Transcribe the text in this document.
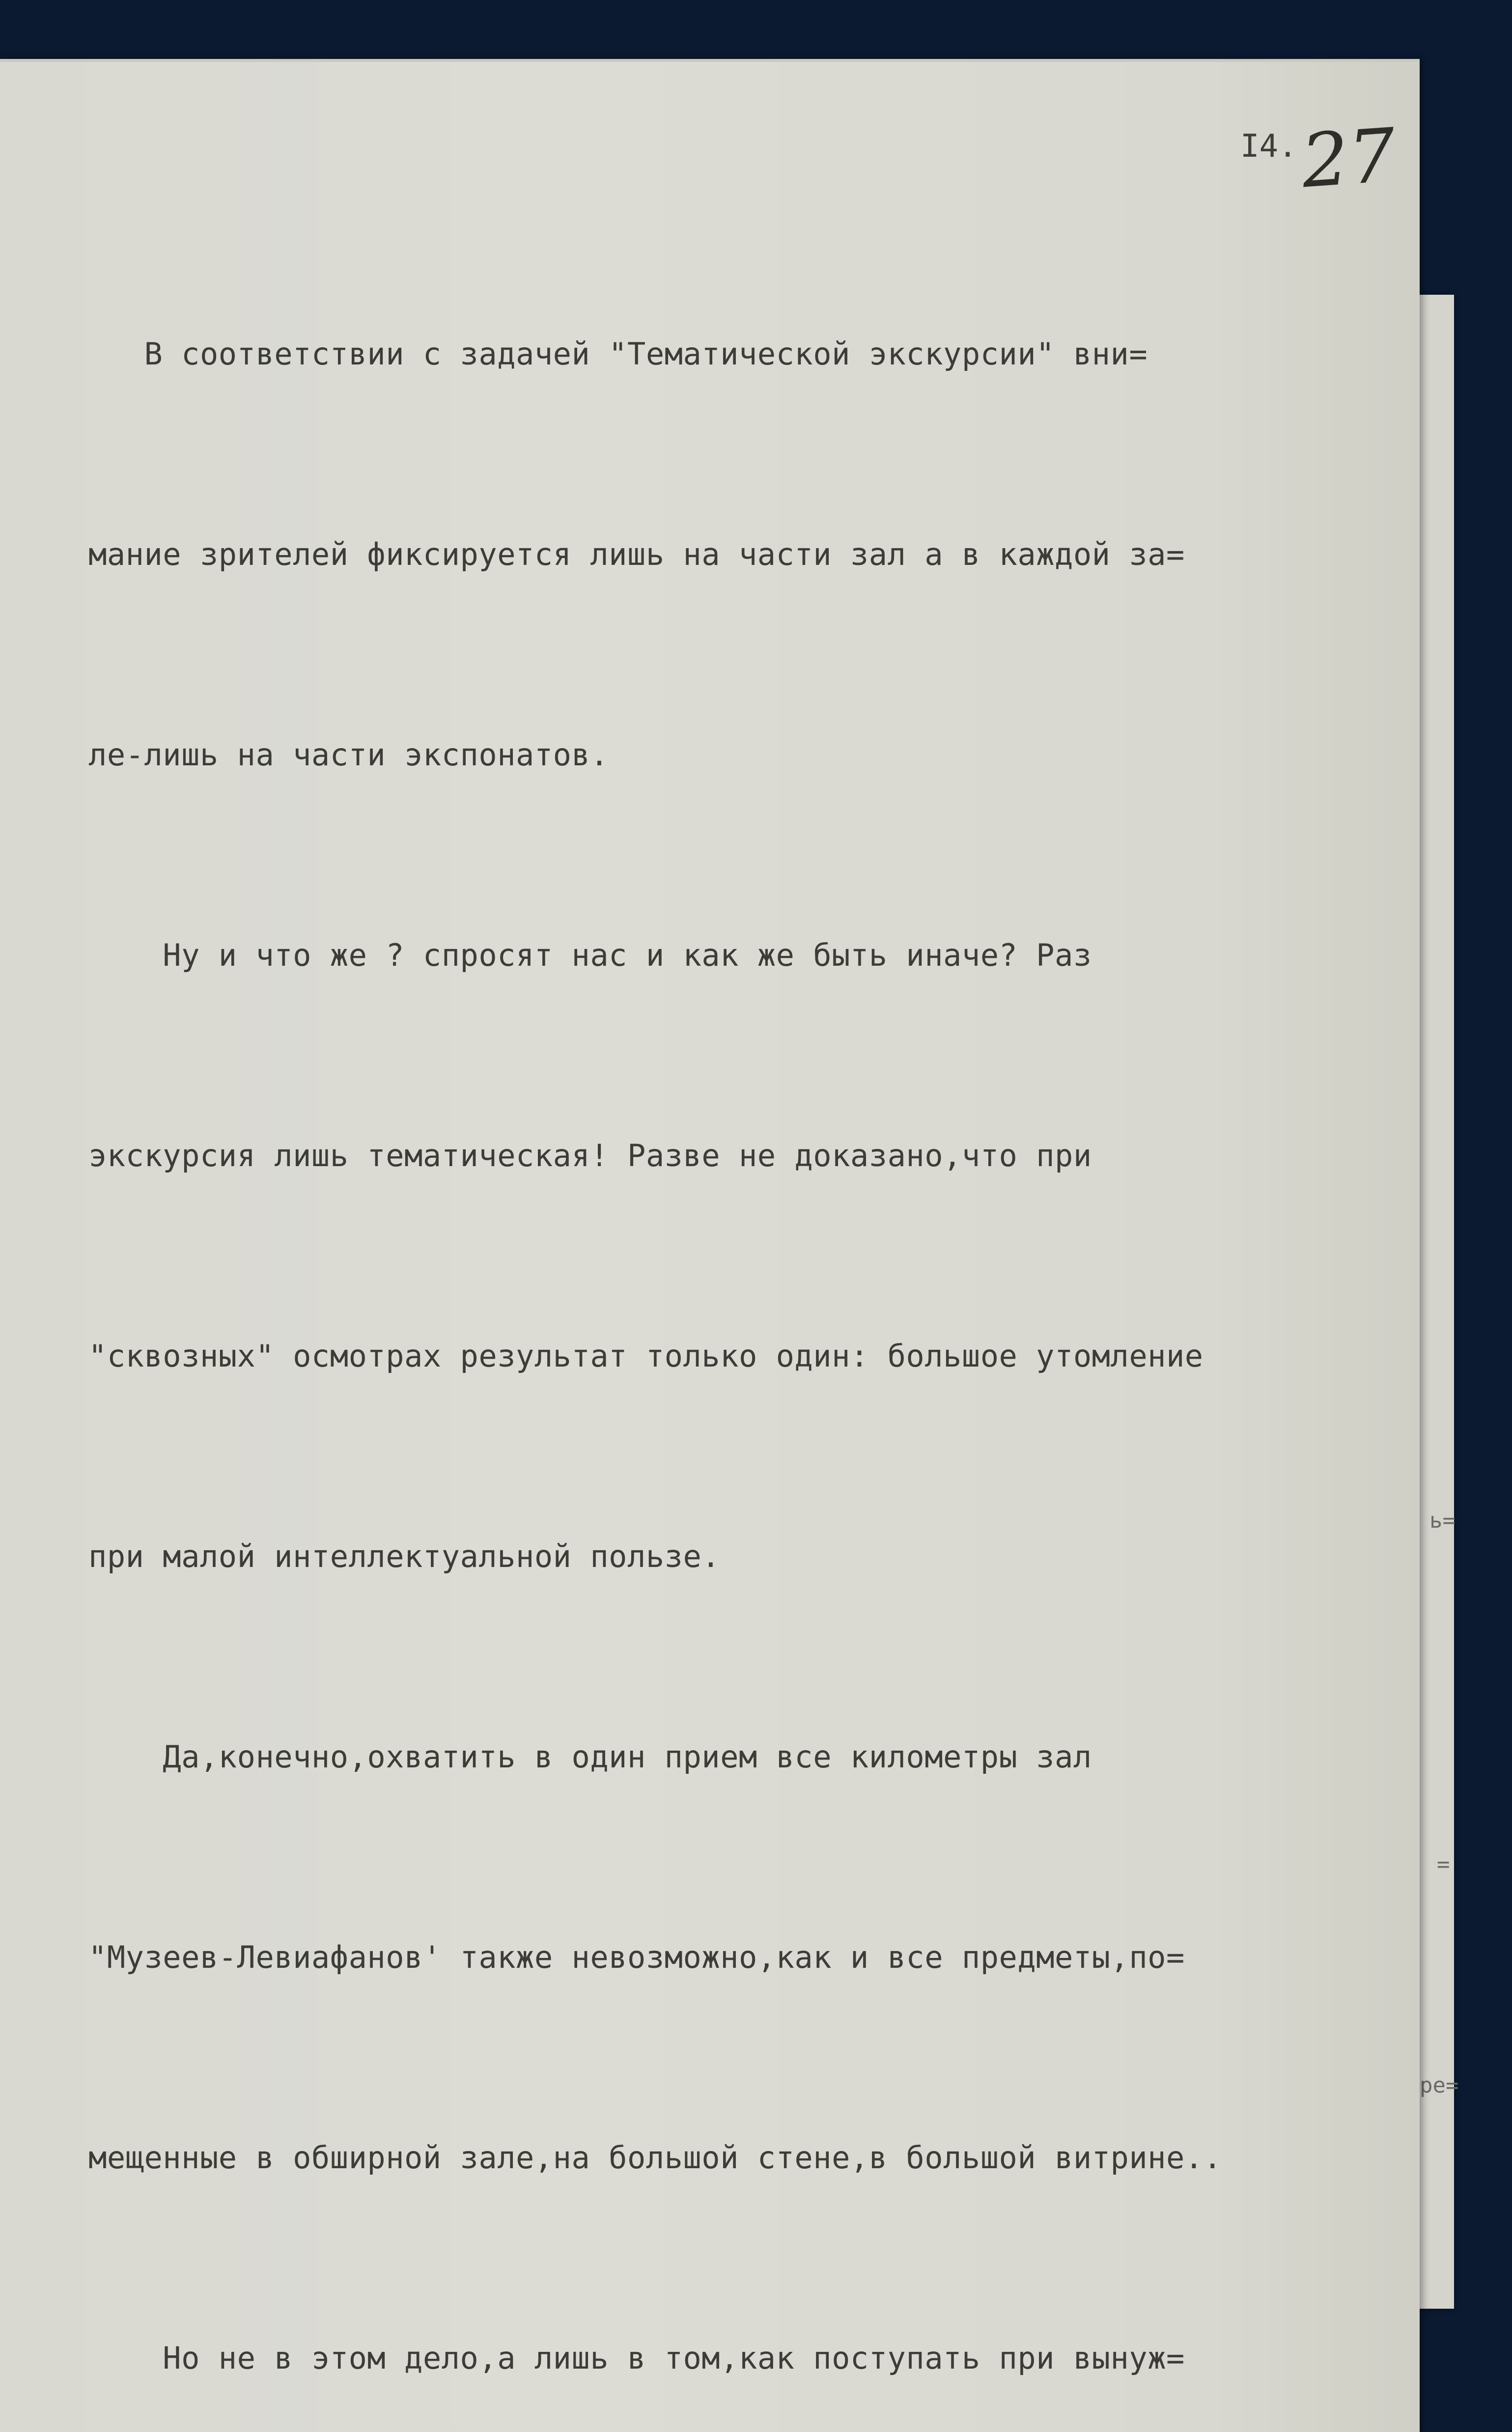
ь=
=
ре=
I4. 27

В соответствии с задачей "Тематической экскурсии" вни=

мание зрителей фиксируется лишь на части зал а в каждой за=

ле-лишь на части экспонатов.

Ну и что же ? спросят нас и как же быть иначе? Раз

экскурсия лишь тематическая! Разве не доказано,что при

"сквозных" осмотрах результат только один: большое утомление

при малой интеллектуальной пользе.

Да,конечно,охватить в один прием все километры зал

"Музеев-Левиафанов' также невозможно,как и все предметы,по=

мещенные в обширной зале,на большой стене,в большой витрине..

Но не в этом дело,а лишь в том,как поступать при вынуж=
